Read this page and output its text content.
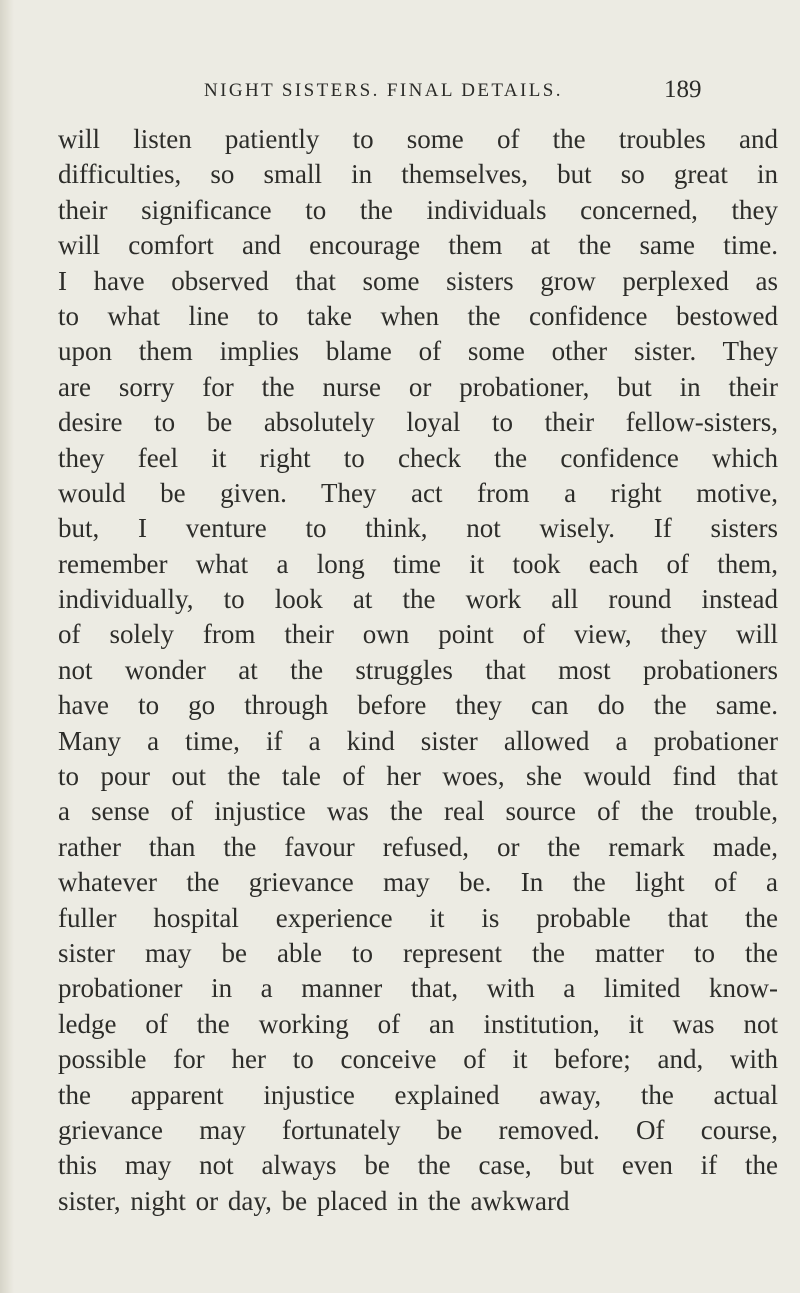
NIGHT SISTERS. FINAL DETAILS.	189
will listen patiently to some of the troubles and
difficulties, so small in themselves, but so great in
their significance to the individuals concerned, they
will comfort and encourage them at the same time.
I have observed that some sisters grow perplexed as
to what line to take when the confidence bestowed
upon them implies blame of some other sister. They
are sorry for the nurse or probationer, but in their
desire to be absolutely loyal to their fellow-sisters,
they feel it right to check the confidence which
would be given. They act from a right motive,
but, I venture to think, not wisely. If sisters
remember what a long time it took each of them,
individually, to look at the work all round instead
of solely from their own point of view, they will
not wonder at the struggles that most probationers
have to go through before they can do the same.
Many a time, if a kind sister allowed a probationer
to pour out the tale of her woes, she would find that
a sense of injustice was the real source of the trouble,
rather than the favour refused, or the remark made,
whatever the grievance may be. In the light of a
fuller hospital experience it is probable that the
sister may be able to represent the matter to the
probationer in a manner that, with a limited know-
ledge of the working of an institution, it was not
possible for her to conceive of it before; and, with
the apparent injustice explained away, the actual
grievance may fortunately be removed. Of course,
this may not always be the case, but even if the
sister, night or day, be placed in the awkward
